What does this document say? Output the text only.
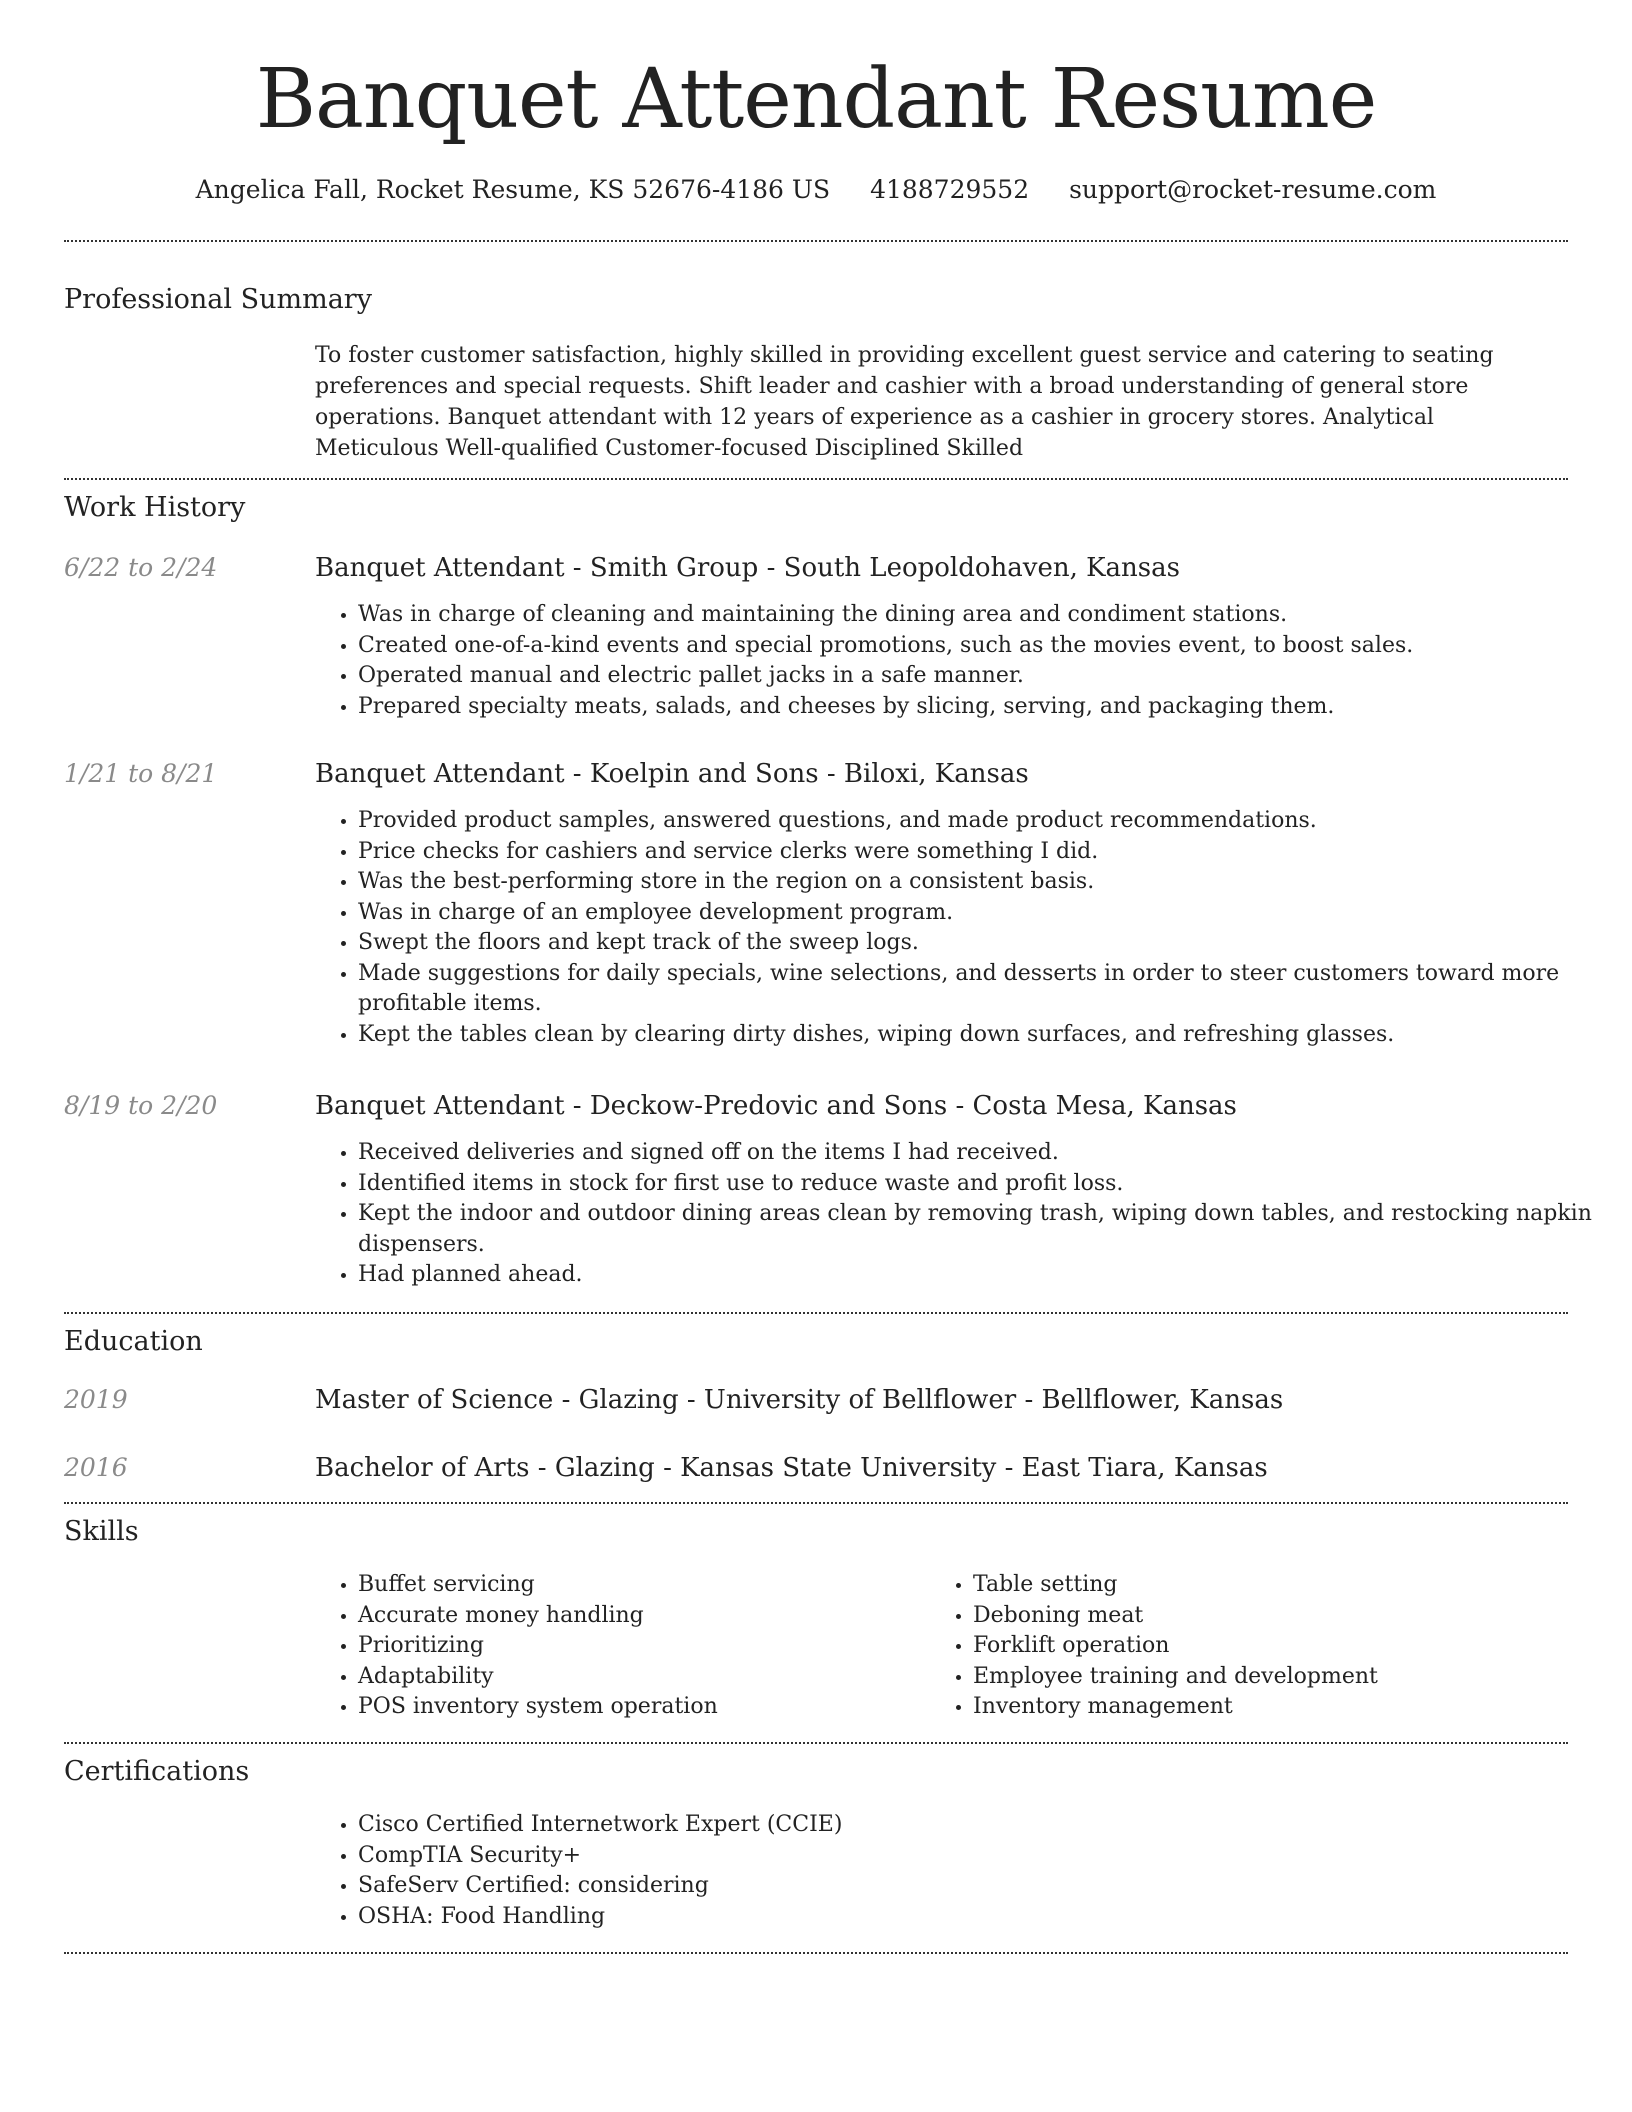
Banquet Attendant Resume
Angelica Fall, Rocket Resume, KS 52676-4186 US 4188729552 support@rocket-resume.com
Professional Summary
To foster customer satisfaction, highly skilled in providing excellent guest service and catering to seating preferences and special requests. Shift leader and cashier with a broad understanding of general store operations. Banquet attendant with 12 years of experience as a cashier in grocery stores. Analytical Meticulous Well-qualified Customer-focused Disciplined Skilled
Work History
6/22 to 2/24	Banquet Attendant - Smith Group - South Leopoldohaven, Kansas
• Was in charge of cleaning and maintaining the dining area and condiment stations.
• Created one-of-a-kind events and special promotions, such as the movies event, to boost sales.
• Operated manual and electric pallet jacks in a safe manner.
• Prepared specialty meats, salads, and cheeses by slicing, serving, and packaging them.
1/21 to 8/21	Banquet Attendant - Koelpin and Sons - Biloxi, Kansas
• Provided product samples, answered questions, and made product recommendations.
• Price checks for cashiers and service clerks were something I did.
• Was the best-performing store in the region on a consistent basis.
• Was in charge of an employee development program.
• Swept the floors and kept track of the sweep logs.
• Made suggestions for daily specials, wine selections, and desserts in order to steer customers toward more profitable items.
• Kept the tables clean by clearing dirty dishes, wiping down surfaces, and refreshing glasses.
8/19 to 2/20	Banquet Attendant - Deckow-Predovic and Sons - Costa Mesa, Kansas
• Received deliveries and signed off on the items I had received.
• Identified items in stock for first use to reduce waste and profit loss.
• Kept the indoor and outdoor dining areas clean by removing trash, wiping down tables, and restocking napkin dispensers.
• Had planned ahead.
Education
2019	Master of Science - Glazing - University of Bellflower - Bellflower, Kansas
2016	Bachelor of Arts - Glazing - Kansas State University - East Tiara, Kansas
Skills
• Buffet servicing
• Accurate money handling
• Prioritizing
• Adaptability
• POS inventory system operation
• Table setting
• Deboning meat
• Forklift operation
• Employee training and development
• Inventory management
Certifications
• Cisco Certified Internetwork Expert (CCIE)
• CompTIA Security+
• SafeServ Certified: considering
• OSHA: Food Handling
